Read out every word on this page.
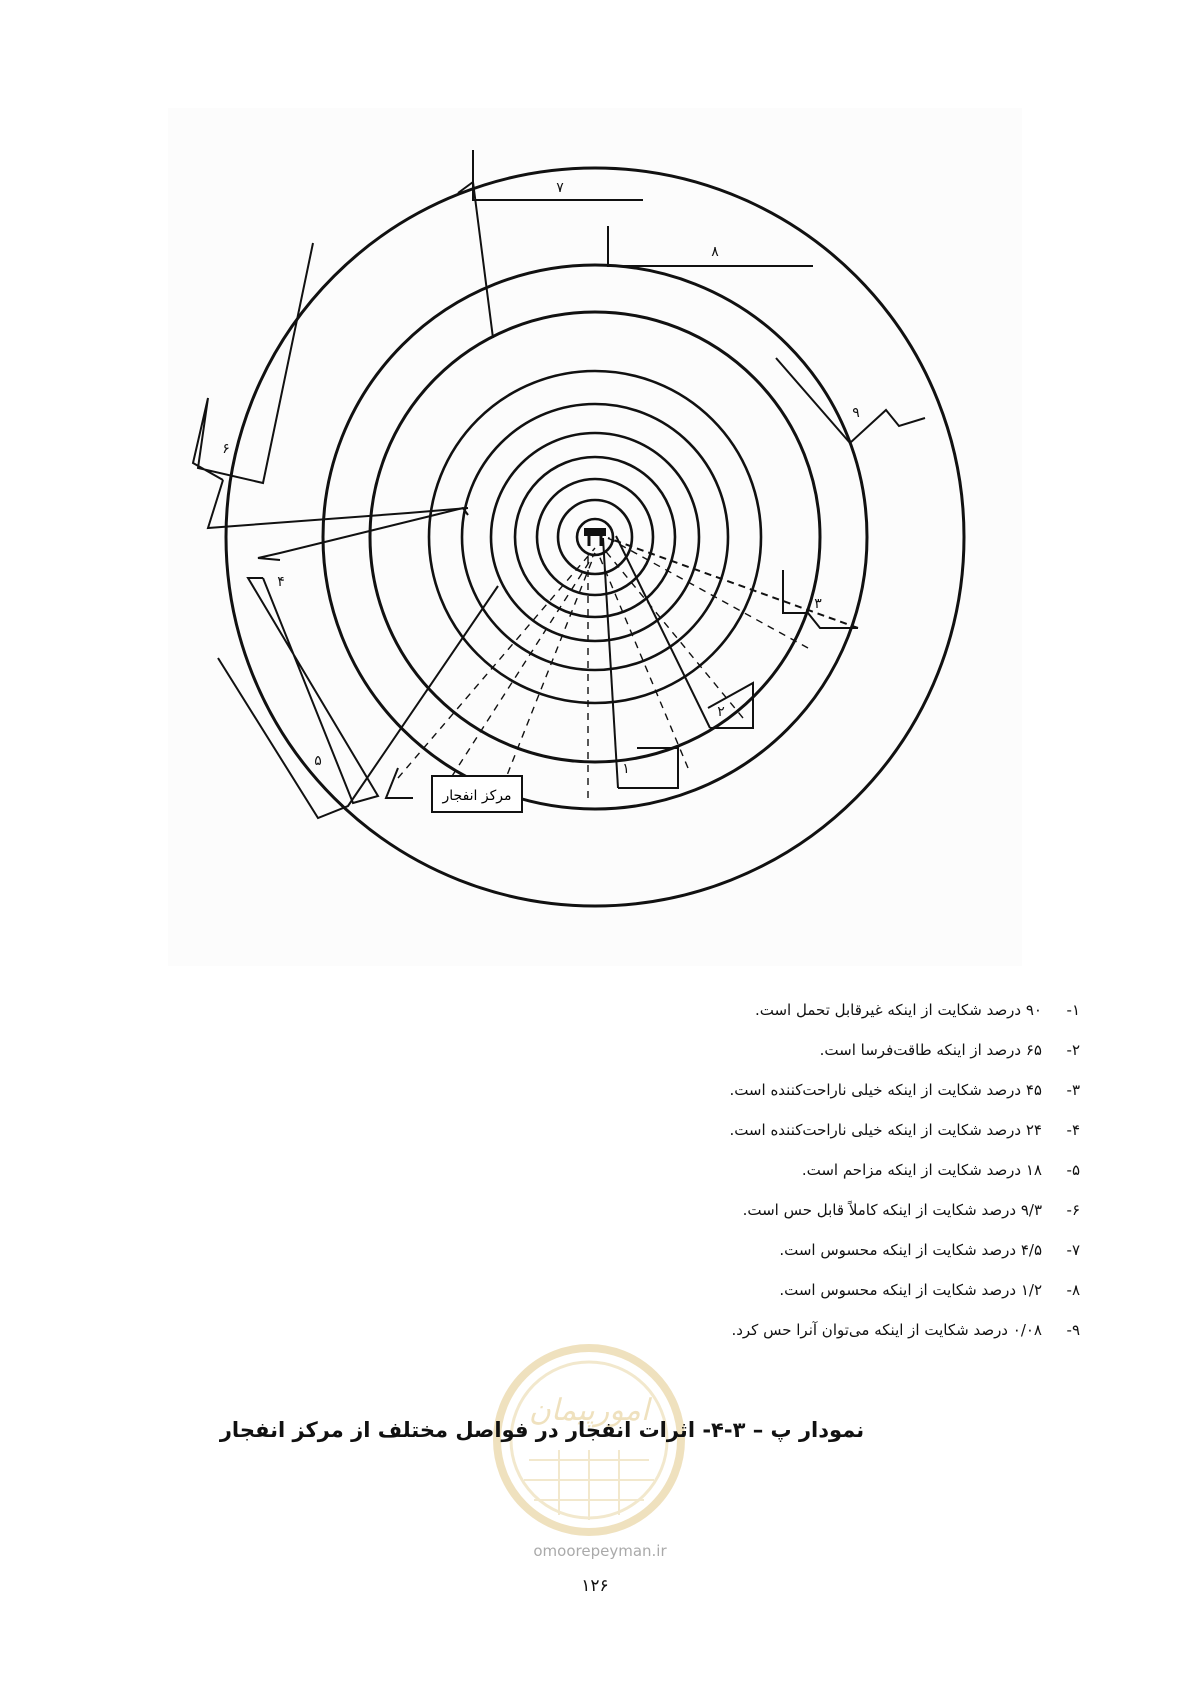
مرکز انفجار
۱
۲
۳
۴
۵
۶
۷
۸
۹
۱-
۹۰ درصد شکایت از اینکه غیرقابل تحمل است.
۲-
۶۵ درصد از اینکه طاقت‌فرسا است.
۳-
۴۵ درصد شکایت از اینکه خیلی ناراحت‌کننده است.
۴-
۲۴ درصد شکایت از اینکه خیلی ناراحت‌کننده است.
۵-
۱۸ درصد شکایت از اینکه مزاحم است.
۶-
۹/۳ درصد شکایت از اینکه کاملاً قابل حس است.
۷-
۴/۵ درصد شکایت از اینکه محسوس است.
۸-
۱/۲ درصد شکایت از اینکه محسوس است.
۹-
۰/۰۸ درصد شکایت از اینکه می‌توان آنرا حس کرد.
امورپیمان
نمودار پ – ۳-۴- اثرات انفجار در فواصل مختلف از مرکز انفجار
omoorepeyman.ir
۱۲۶
